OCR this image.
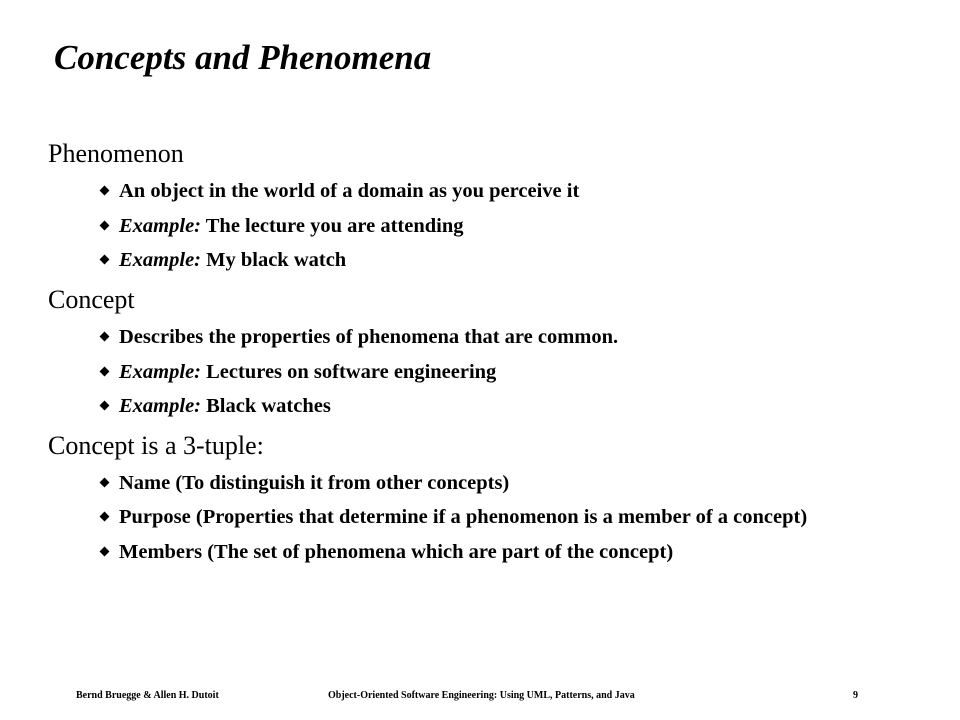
Concepts and Phenomena
Phenomenon
An object in the world of a domain as you perceive it
Example: The lecture you are attending
Example: My black watch
Concept
Describes the properties of phenomena that are common.
Example: Lectures on software engineering
Example: Black watches
Concept is a 3-tuple:
Name (To distinguish it from other concepts)
Purpose (Properties that determine if a phenomenon is a member of a concept)
Members (The set of phenomena which are part of the concept)
Bernd Bruegge & Allen H. Dutoit	Object-Oriented Software Engineering: Using UML, Patterns, and Java	9
